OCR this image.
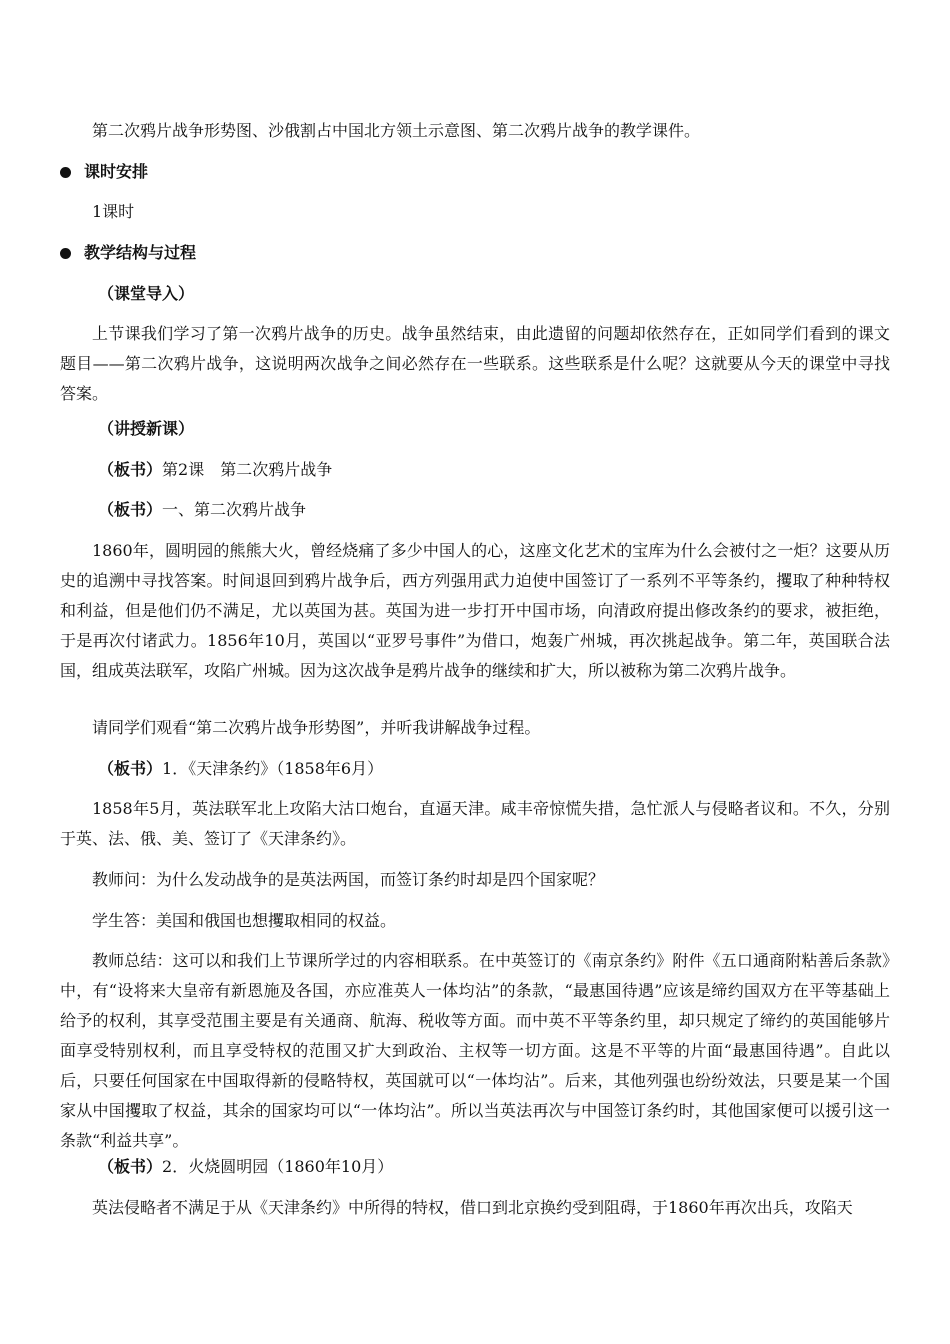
第二次鸦片战争形势图、沙俄割占中国北方领土示意图、第二次鸦片战争的教学课件。

课时安排

1课时

教学结构与过程

（课堂导入）

上节课我们学习了第一次鸦片战争的历史。战争虽然结束，由此遗留的问题却依然存在，正如同学们看到的课文题目——第二次鸦片战争，这说明两次战争之间必然存在一些联系。这些联系是什么呢？这就要从今天的课堂中寻找答案。

（讲授新课）

（板书）第2课　第二次鸦片战争

（板书）一、第二次鸦片战争

1860年，圆明园的熊熊大火，曾经烧痛了多少中国人的心，这座文化艺术的宝库为什么会被付之一炬？这要从历史的追溯中寻找答案。时间退回到鸦片战争后，西方列强用武力迫使中国签订了一系列不平等条约，攫取了种种特权和利益，但是他们仍不满足，尤以英国为甚。英国为进一步打开中国市场，向清政府提出修改条约的要求，被拒绝，于是再次付诸武力。1856年10月，英国以“亚罗号事件”为借口，炮轰广州城，再次挑起战争。第二年，英国联合法国，组成英法联军，攻陷广州城。因为这次战争是鸦片战争的继续和扩大，所以被称为第二次鸦片战争。

请同学们观看“第二次鸦片战争形势图”，并听我讲解战争过程。

（板书）1．《天津条约》（1858年6月）

1858年5月，英法联军北上攻陷大沽口炮台，直逼天津。咸丰帝惊慌失措，急忙派人与侵略者议和。不久，分别于英、法、俄、美、签订了《天津条约》。

教师问：为什么发动战争的是英法两国，而签订条约时却是四个国家呢？

学生答：美国和俄国也想攫取相同的权益。

教师总结：这可以和我们上节课所学过的内容相联系。在中英签订的《南京条约》附件《五口通商附粘善后条款》中，有“设将来大皇帝有新恩施及各国，亦应准英人一体均沾”的条款，“最惠国待遇”应该是缔约国双方在平等基础上给予的权利，其享受范围主要是有关通商、航海、税收等方面。而中英不平等条约里，却只规定了缔约的英国能够片面享受特别权利，而且享受特权的范围又扩大到政治、主权等一切方面。这是不平等的片面“最惠国待遇”。自此以后，只要任何国家在中国取得新的侵略特权，英国就可以“一体均沾”。后来，其他列强也纷纷效法，只要是某一个国家从中国攫取了权益，其余的国家均可以“一体均沾”。所以当英法再次与中国签订条约时，其他国家便可以援引这一条款“利益共享”。

（板书）2．火烧圆明园（1860年10月）

英法侵略者不满足于从《天津条约》中所得的特权，借口到北京换约受到阻碍，于1860年再次出兵，攻陷天
